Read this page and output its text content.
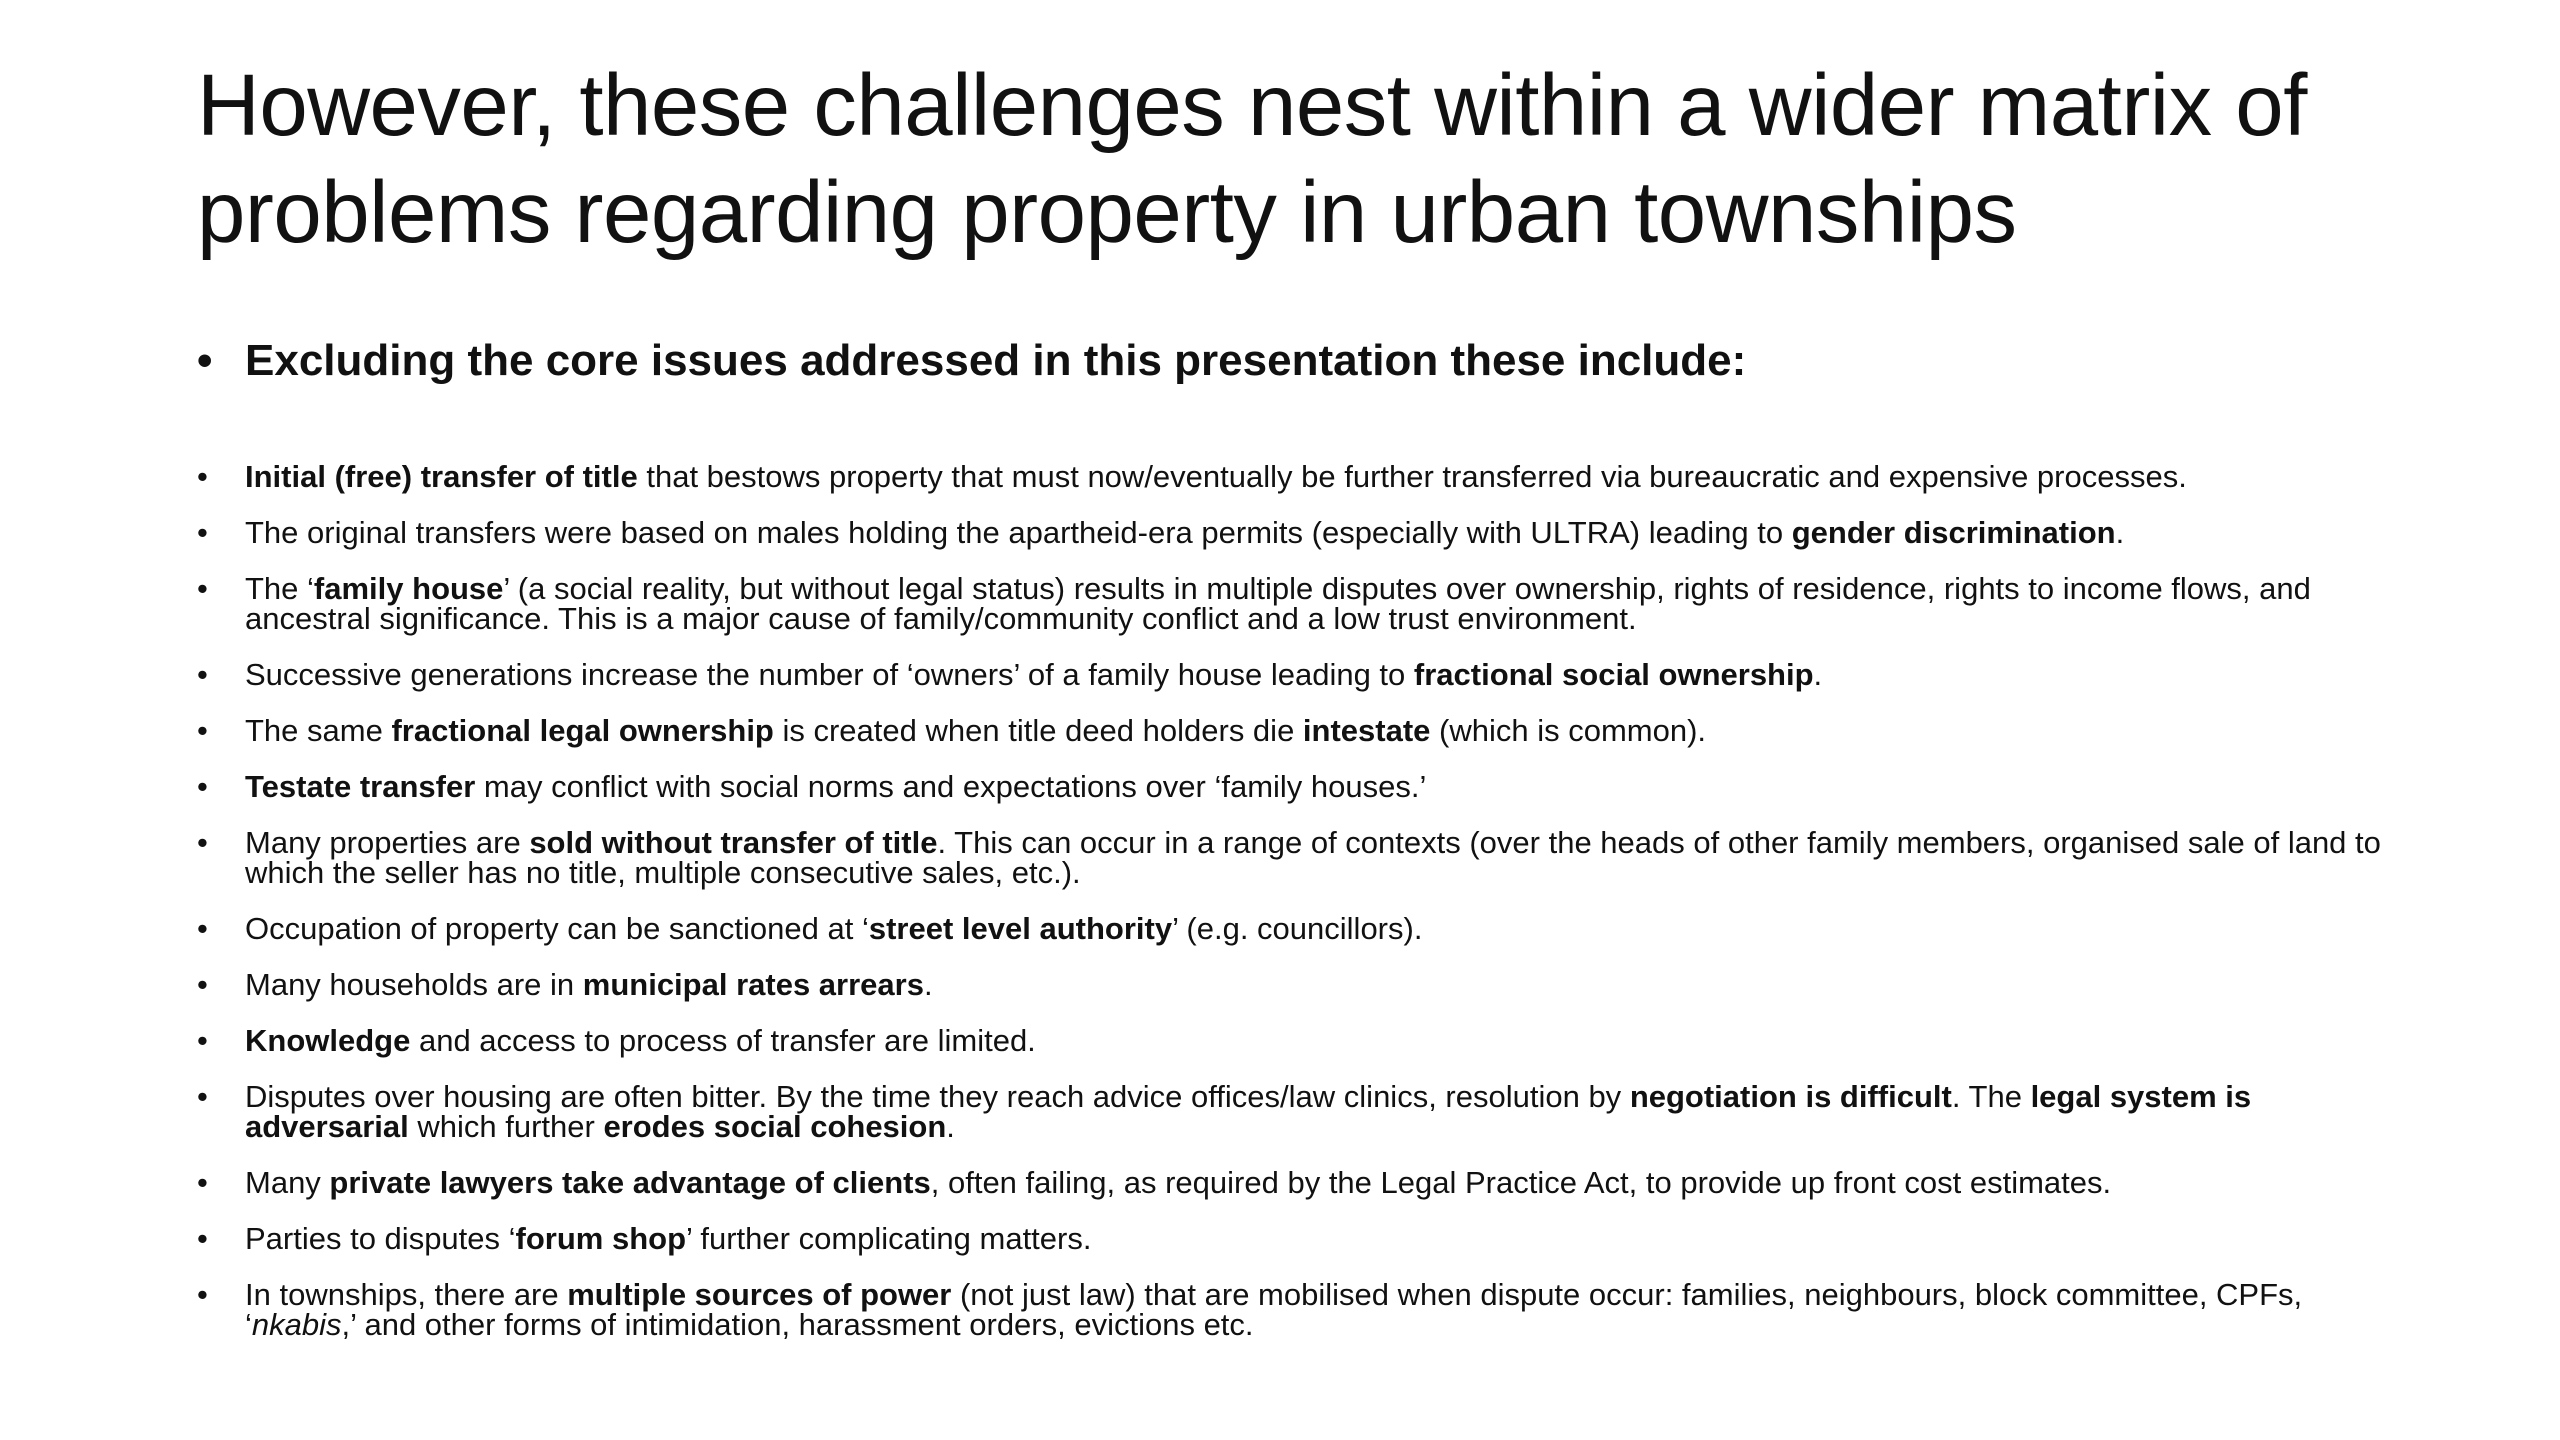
However, these challenges nest within a wider matrix of problems regarding property in urban townships
• Excluding the core issues addressed in this presentation these include:
• Initial (free) transfer of title that bestows property that must now/eventually be further transferred via bureaucratic and expensive processes.
• The original transfers were based on males holding the apartheid-era permits (especially with ULTRA) leading to gender discrimination.
• The ‘family house’ (a social reality, but without legal status) results in multiple disputes over ownership, rights of residence, rights to income flows, and ancestral significance. This is a major cause of family/community conflict and a low trust environment.
• Successive generations increase the number of ‘owners’ of a family house leading to fractional social ownership.
• The same fractional legal ownership is created when title deed holders die intestate (which is common).
• Testate transfer may conflict with social norms and expectations over ‘family houses.’
• Many properties are sold without transfer of title. This can occur in a range of contexts (over the heads of other family members, organised sale of land to which the seller has no title, multiple consecutive sales, etc.).
• Occupation of property can be sanctioned at ‘street level authority’ (e.g. councillors).
• Many households are in municipal rates arrears.
• Knowledge and access to process of transfer are limited.
• Disputes over housing are often bitter. By the time they reach advice offices/law clinics, resolution by negotiation is difficult. The legal system is adversarial which further erodes social cohesion.
• Many private lawyers take advantage of clients, often failing, as required by the Legal Practice Act, to provide up front cost estimates.
• Parties to disputes ‘forum shop’ further complicating matters.
• In townships, there are multiple sources of power (not just law) that are mobilised when dispute occur: families, neighbours, block committee, CPFs, ‘nkabis,’ and other forms of intimidation, harassment orders, evictions etc.
